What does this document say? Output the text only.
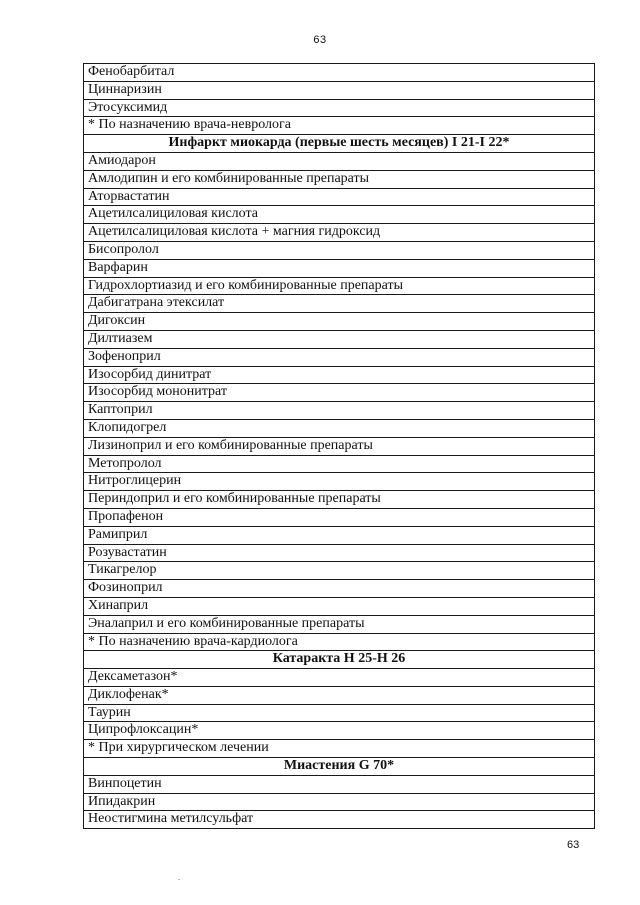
63
Фенобарбитал
Циннаризин
Этосуксимид
* По назначению врача-невролога
Инфаркт миокарда (первые шесть месяцев) I 21-I 22*
Амиодарон
Амлодипин и его комбинированные препараты
Аторвастатин
Ацетилсалициловая кислота
Ацетилсалициловая кислота + магния гидроксид
Бисопролол
Варфарин
Гидрохлортиазид и его комбинированные препараты
Дабигатрана этексилат
Дигоксин
Дилтиазем
Зофеноприл
Изосорбид динитрат
Изосорбид мононитрат
Каптоприл
Клопидогрел
Лизиноприл и его комбинированные препараты
Метопролол
Нитроглицерин
Периндоприл и его комбинированные препараты
Пропафенон
Рамиприл
Розувастатин
Тикагрелор
Фозиноприл
Хинаприл
Эналаприл и его комбинированные препараты
* По назначению врача-кардиолога
Катаракта H 25-H 26
Дексаметазон*
Диклофенак*
Таурин
Ципрофлоксацин*
* При хирургическом лечении
Миастения G 70*
Винпоцетин
Ипидакрин
Неостигмина метилсульфат
63
